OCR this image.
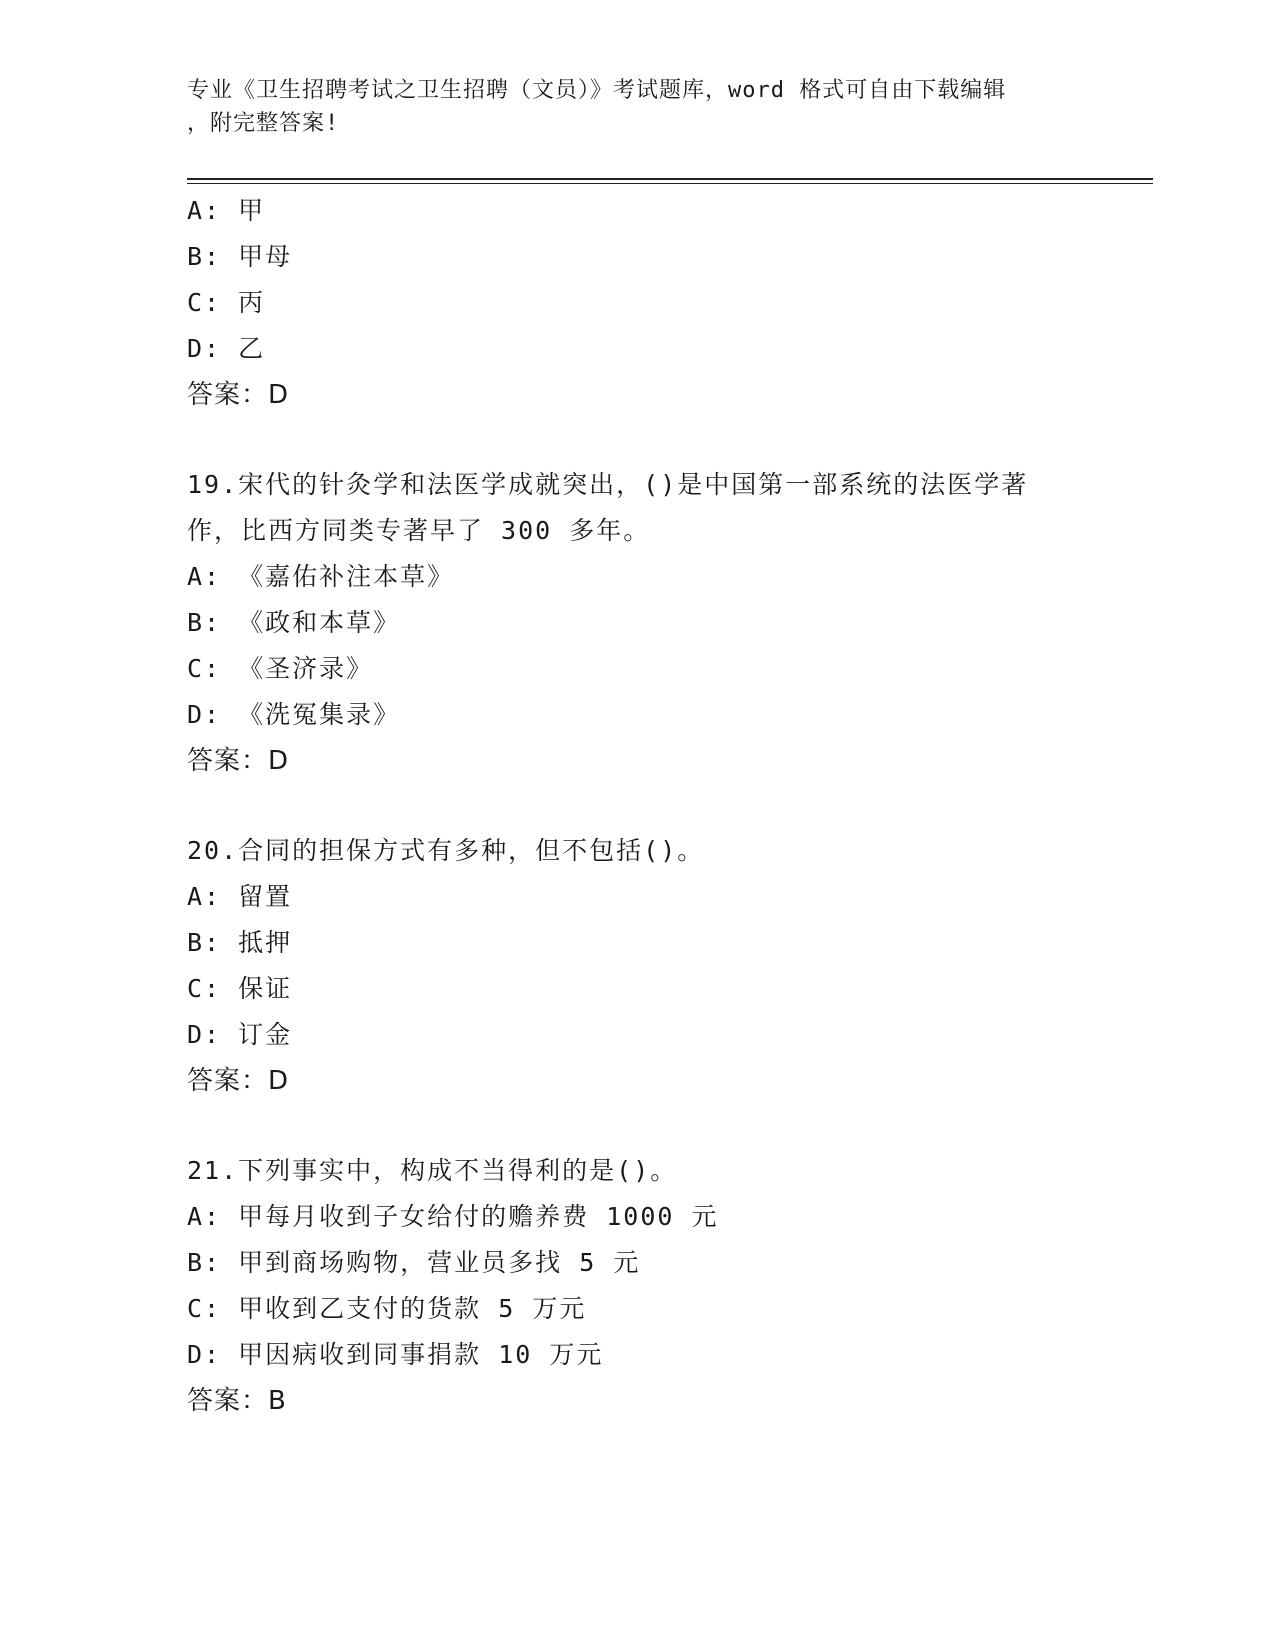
专业《卫生招聘考试之卫生招聘（文员）》考试题库，word 格式可自由下载编辑
，附完整答案!
A: 甲
B: 甲母
C: 丙
D: 乙
答案：D
19.宋代的针灸学和法医学成就突出，()是中国第一部系统的法医学著
作，比西方同类专著早了 300 多年。
A: 《嘉佑补注本草》
B: 《政和本草》
C: 《圣济录》
D: 《洗冤集录》
答案：D
20.合同的担保方式有多种，但不包括()。
A: 留置
B: 抵押
C: 保证
D: 订金
答案：D
21.下列事实中，构成不当得利的是()。
A: 甲每月收到子女给付的赡养费 1000 元
B: 甲到商场购物，营业员多找 5 元
C: 甲收到乙支付的货款 5 万元
D: 甲因病收到同事捐款 10 万元
答案：B
